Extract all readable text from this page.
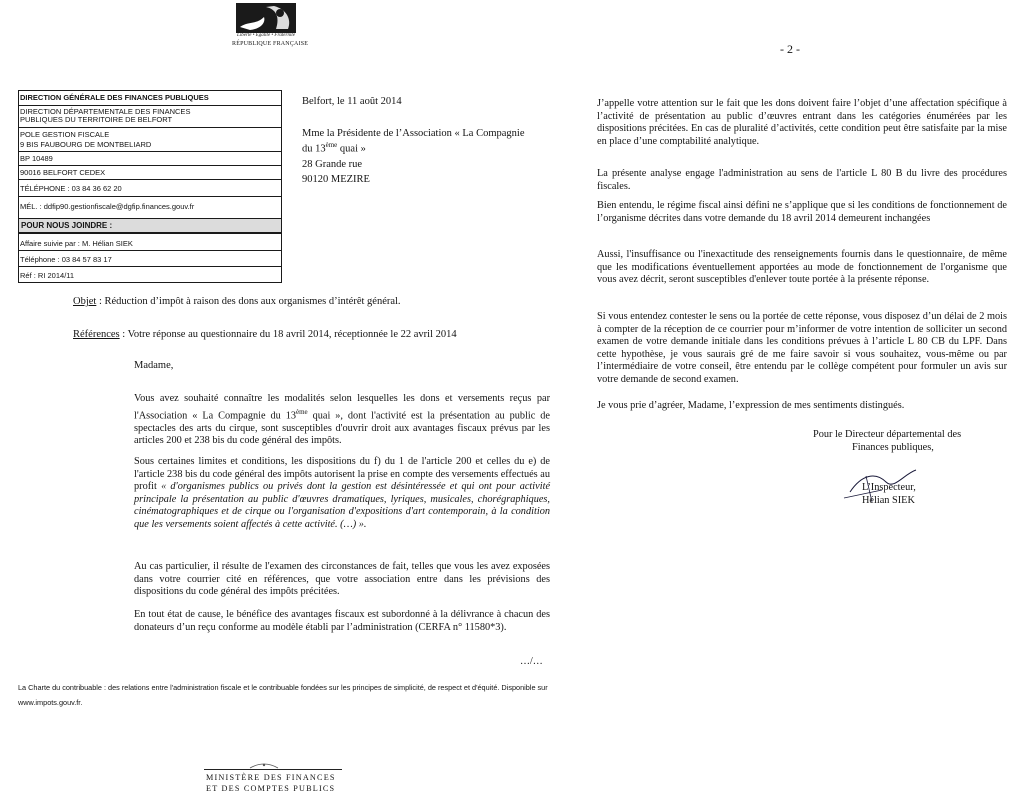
Liberté • Égalité • Fraternité
RÉPUBLIQUE FRANÇAISE	- 2 -
DIRECTION GÉNÉRALE DES FINANCES PUBLIQUES
DIRECTION DÉPARTEMENTALE DES FINANCES
PUBLIQUES DU TERRITOIRE DE BELFORT
POLE GESTION FISCALE
9 BIS FAUBOURG DE MONTBELIARD
BP 10489
90016 BELFORT CEDEX
TÉLÉPHONE : 03 84 36 62 20
MÉL. : ddfip90.gestionfiscale@dgfip.finances.gouv.fr
POUR NOUS JOINDRE :
Affaire suivie par : M. Hélian SIEK
Téléphone : 03 84 57 83 17
Réf : RI 2014/11
Belfort, le 11 août 2014
Mme la Présidente de l’Association « La Compagnie
du 13ème quai »
28 Grande rue
90120 MEZIRE
Objet : Réduction d’impôt à raison des dons aux organismes d’intérêt général.
Références : Votre réponse au questionnaire du 18 avril 2014, réceptionnée le 22 avril 2014
Madame,
Vous avez souhaité connaître les modalités selon lesquelles les dons et versements reçus par l'Association « La Compagnie du 13ème quai », dont l'activité est la présentation au public de spectacles des arts du cirque, sont susceptibles d'ouvrir droit aux avantages fiscaux prévus par les articles 200 et 238 bis du code général des impôts.
Sous certaines limites et conditions, les dispositions du f) du 1 de l'article 200 et celles du e) de l'article 238 bis du code général des impôts autorisent la prise en compte des versements effectués au profit « d'organismes publics ou privés dont la gestion est désintéressée et qui ont pour activité principale la présentation au public d'œuvres dramatiques, lyriques, musicales, chorégraphiques, cinématographiques et de cirque ou l'organisation d'expositions d'art contemporain, à la condition que les versements soient affectés à cette activité. (…) ».
Au cas particulier, il résulte de l'examen des circonstances de fait, telles que vous les avez exposées dans votre courrier cité en références, que votre association entre dans les prévisions des dispositions du code général des impôts précitées.
En tout état de cause, le bénéfice des avantages fiscaux est subordonné à la délivrance à chacun des donateurs d’un reçu conforme au modèle établi par l’administration (CERFA n° 11580*3).
…/…
La Charte du contribuable : des relations entre l'administration fiscale et le contribuable fondées sur les principes de simplicité, de respect et d'équité. Disponible sur www.impots.gouv.fr.
MINISTÈRE DES FINANCES
ET DES COMPTES PUBLICS
J’appelle votre attention sur le fait que les dons doivent faire l’objet d’une affectation spécifique à l’activité de présentation au public d’œuvres entrant dans les catégories énumérées par les dispositions précitées. En cas de pluralité d’activités, cette condition peut être satisfaite par la mise en place d’une comptabilité analytique.
La présente analyse engage l'administration au sens de l'article L 80 B du livre des procédures fiscales.
Bien entendu, le régime fiscal ainsi défini ne s’applique que si les conditions de fonctionnement de l’organisme décrites dans votre demande du 18 avril 2014 demeurent inchangées
Aussi, l'insuffisance ou l'inexactitude des renseignements fournis dans le questionnaire, de même que les modifications éventuellement apportées au mode de fonctionnement de l'organisme que vous avez décrit, seront susceptibles d'enlever toute portée à la présente réponse.
Si vous entendez contester le sens ou la portée de cette réponse, vous disposez d’un délai de 2 mois à compter de la réception de ce courrier pour m’informer de votre intention de solliciter un second examen de votre demande initiale dans les conditions prévues à l’article L 80 CB du LPF. Dans cette hypothèse, je vous saurais gré de me faire savoir si vous souhaitez, vous-même ou par l’intermédiaire de votre conseil, être entendu par le collège compétent pour formuler un avis sur votre demande de second examen.
Je vous prie d’agréer, Madame, l’expression de mes sentiments distingués.
Pour le Directeur départemental des
Finances publiques,
L’Inspecteur,
Hélian SIEK
